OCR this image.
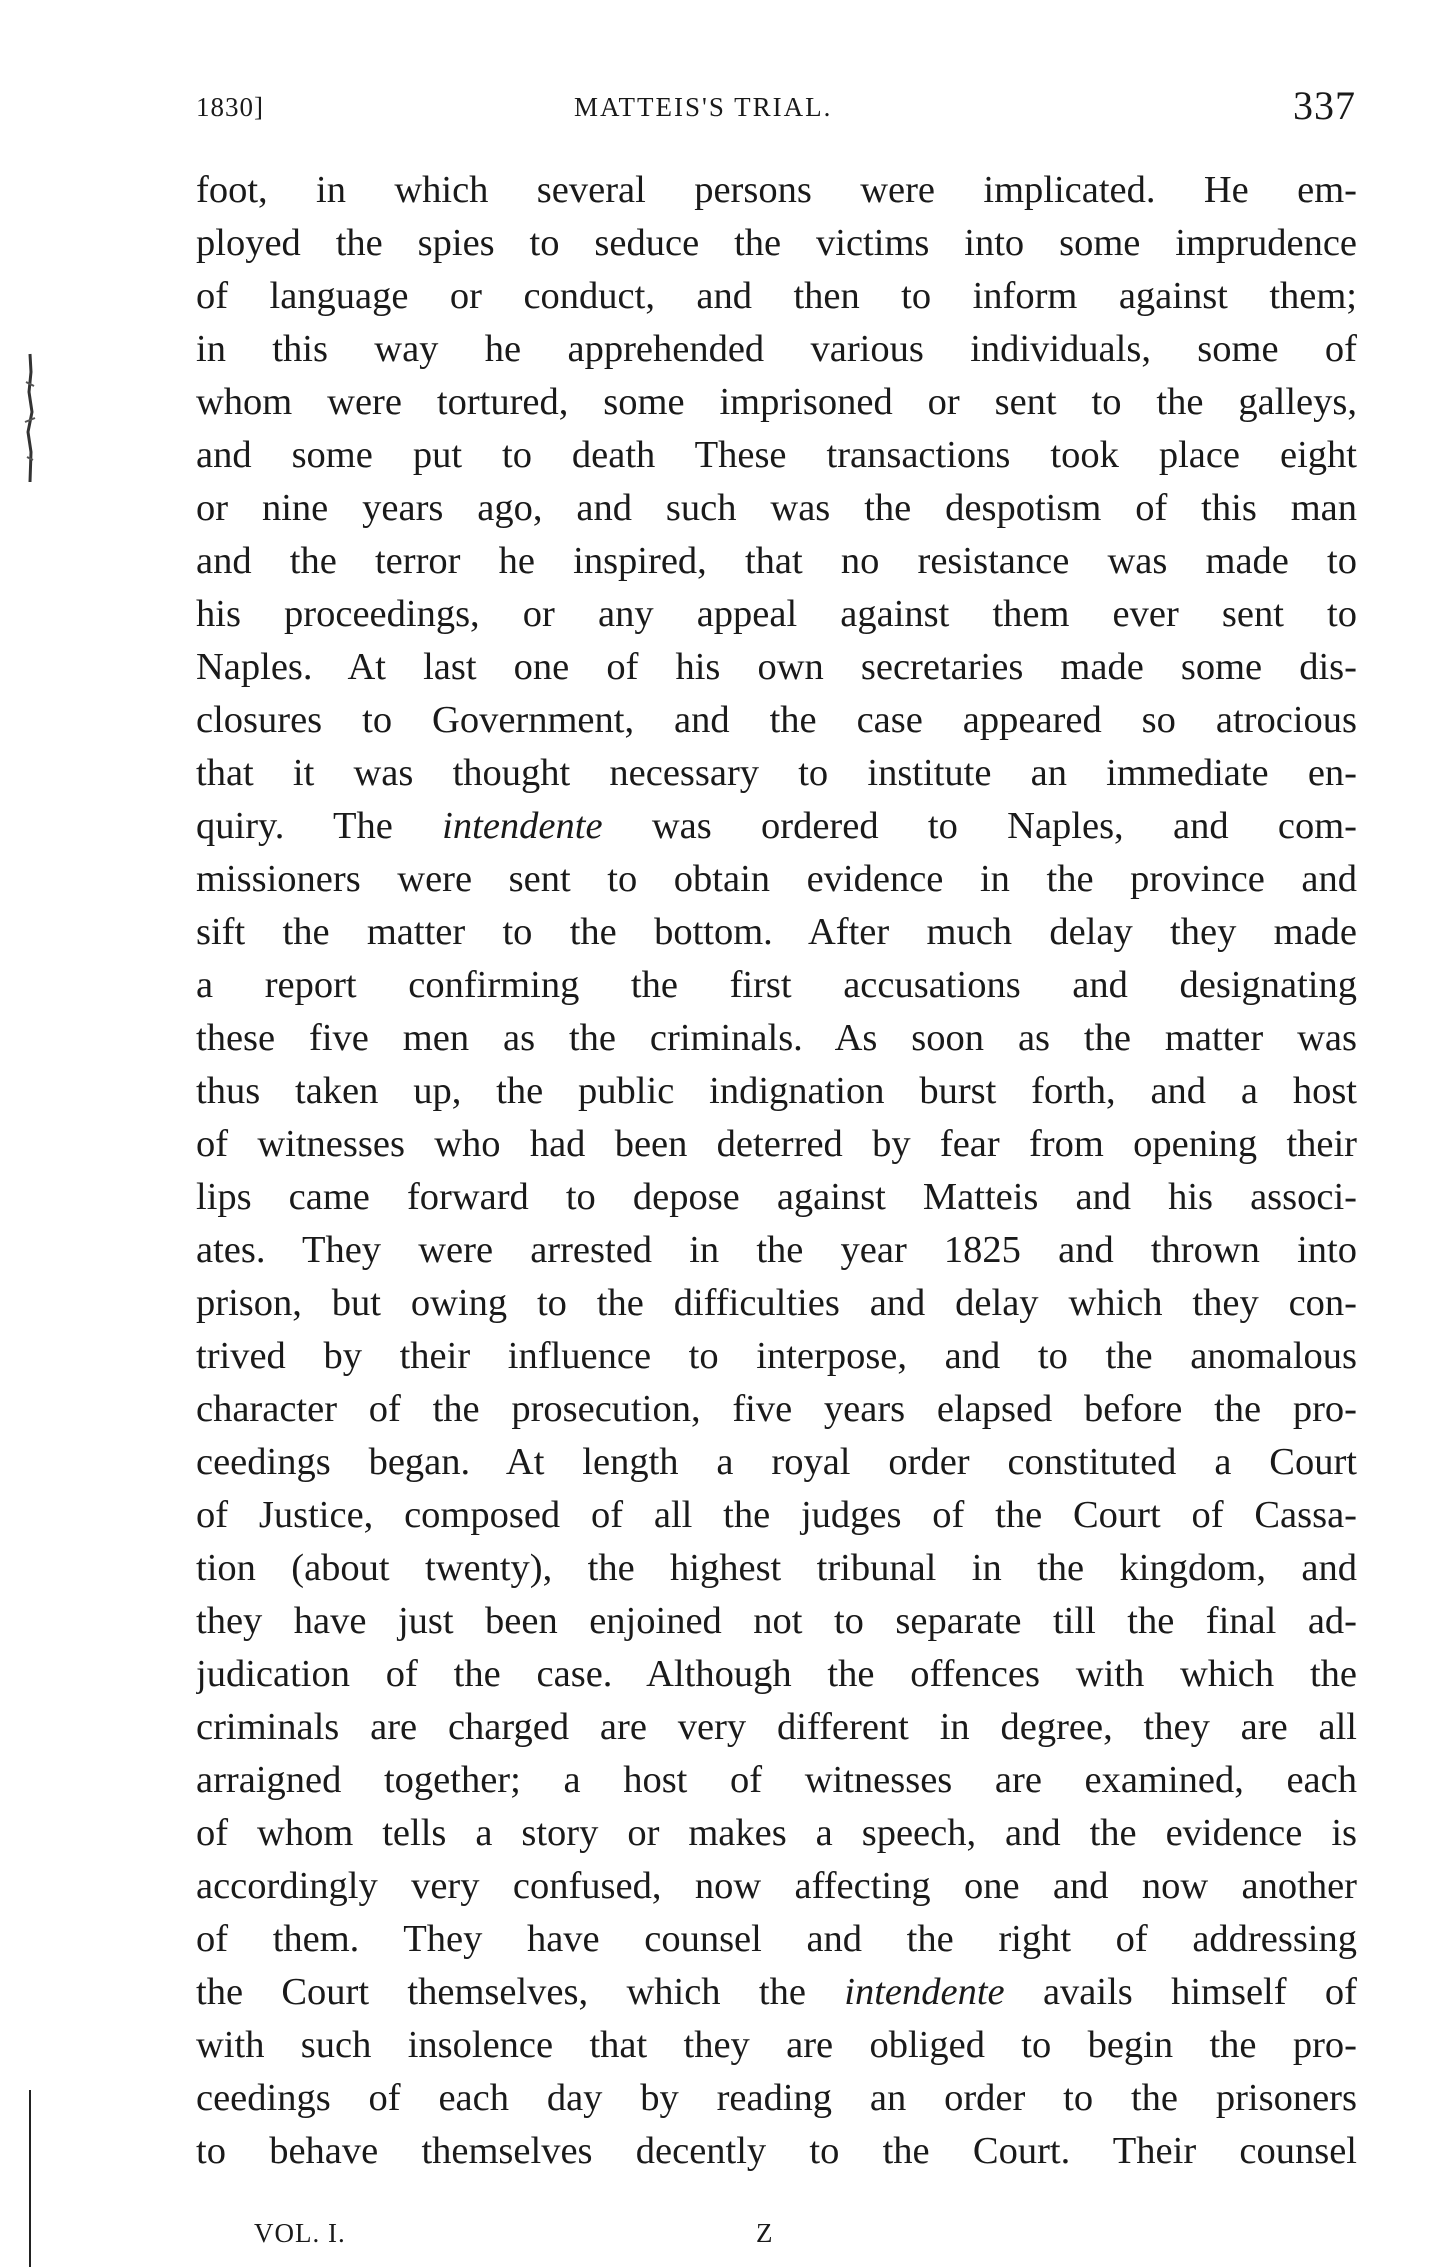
1830]	MATTEIS'S TRIAL.	337
foot, in which several persons were implicated. He em-
ployed the spies to seduce the victims into some imprudence
of language or conduct, and then to inform against them;
in this way he apprehended various individuals, some of
whom were tortured, some imprisoned or sent to the galleys,
and some put to death These transactions took place eight
or nine years ago, and such was the despotism of this man
and the terror he inspired, that no resistance was made to
his proceedings, or any appeal against them ever sent to
Naples. At last one of his own secretaries made some dis-
closures to Government, and the case appeared so atrocious
that it was thought necessary to institute an immediate en-
quiry. The intendente was ordered to Naples, and com-
missioners were sent to obtain evidence in the province and
sift the matter to the bottom. After much delay they made
a report confirming the first accusations and designating
these five men as the criminals. As soon as the matter was
thus taken up, the public indignation burst forth, and a host
of witnesses who had been deterred by fear from opening their
lips came forward to depose against Matteis and his associ-
ates. They were arrested in the year 1825 and thrown into
prison, but owing to the difficulties and delay which they con-
trived by their influence to interpose, and to the anomalous
character of the prosecution, five years elapsed before the pro-
ceedings began. At length a royal order constituted a Court
of Justice, composed of all the judges of the Court of Cassa-
tion (about twenty), the highest tribunal in the kingdom, and
they have just been enjoined not to separate till the final ad-
judication of the case. Although the offences with which the
criminals are charged are very different in degree, they are all
arraigned together; a host of witnesses are examined, each
of whom tells a story or makes a speech, and the evidence is
accordingly very confused, now affecting one and now another
of them. They have counsel and the right of addressing
the Court themselves, which the intendente avails himself of
with such insolence that they are obliged to begin the pro-
ceedings of each day by reading an order to the prisoners
to behave themselves decently to the Court. Their counsel
VOL. I.	Z
